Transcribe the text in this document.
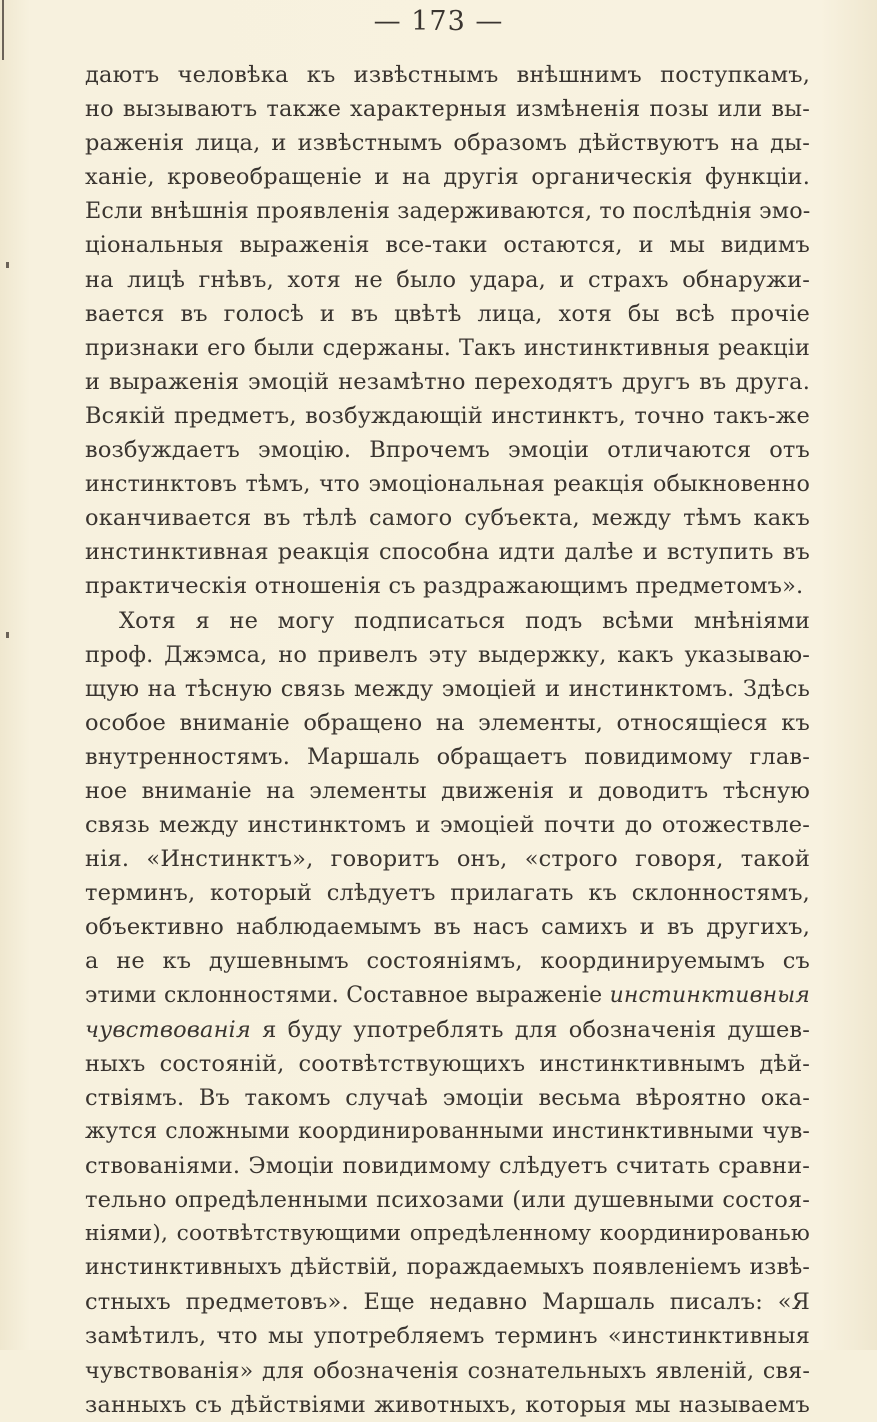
— 173 —
даютъ человѣка къ извѣстнымъ внѣшнимъ поступкамъ,
но вызываютъ также характерныя измѣненія позы или вы-
раженія лица, и извѣстнымъ образомъ дѣйствуютъ на ды-
ханіе, кровеобращеніе и на другія органическія функціи.
Если внѣшнія проявленія задерживаются, то послѣднія эмо-
ціональныя выраженія все-таки остаются, и мы видимъ
на лицѣ гнѣвъ, хотя не было удара, и страхъ обнаружи-
вается въ голосѣ и въ цвѣтѣ лица, хотя бы всѣ прочіе
признаки его были сдержаны. Такъ инстинктивныя реакціи
и выраженія эмоцій незамѣтно переходятъ другъ въ друга.
Всякій предметъ, возбуждающій инстинктъ, точно такъ-же
возбуждаетъ эмоцію. Впрочемъ эмоціи отличаются отъ
инстинктовъ тѣмъ, что эмоціональная реакція обыкновенно
оканчивается въ тѣлѣ самого субъекта, между тѣмъ какъ
инстинктивная реакція способна идти далѣе и вступить въ
практическія отношенія съ раздражающимъ предметомъ».
Хотя я не могу подписаться подъ всѣми мнѣніями
проф. Джэмса, но привелъ эту выдержку, какъ указываю-
щую на тѣсную связь между эмоціей и инстинктомъ. Здѣсь
особое вниманіе обращено на элементы, относящіеся къ
внутренностямъ. Маршаль обращаетъ повидимому глав-
ное вниманіе на элементы движенія и доводитъ тѣсную
связь между инстинктомъ и эмоціей почти до отожествле-
нія. «Инстинктъ», говоритъ онъ, «строго говоря, такой
терминъ, который слѣдуетъ прилагать къ склонностямъ,
объективно наблюдаемымъ въ насъ самихъ и въ другихъ,
а не къ душевнымъ состояніямъ, координируемымъ съ
этими склонностями. Составное выраженіе инстинктивныя
чувствованія я буду употреблять для обозначенія душев-
ныхъ состояній, соотвѣтствующихъ инстинктивнымъ дѣй-
ствіямъ. Въ такомъ случаѣ эмоціи весьма вѣроятно ока-
жутся сложными координированными инстинктивными чув-
ствованіями. Эмоціи повидимому слѣдуетъ считать сравни-
тельно опредѣленными психозами (или душевными состоя-
ніями), соотвѣтствующими опредѣленному координированью
инстинктивныхъ дѣйствій, пораждаемыхъ появленіемъ извѣ-
стныхъ предметовъ». Еще недавно Маршаль писалъ: «Я
замѣтилъ, что мы употребляемъ терминъ «инстинктивныя
чувствованія» для обозначенія сознательныхъ явленій, свя-
занныхъ съ дѣйствіями животныхъ, которыя мы называемъ
